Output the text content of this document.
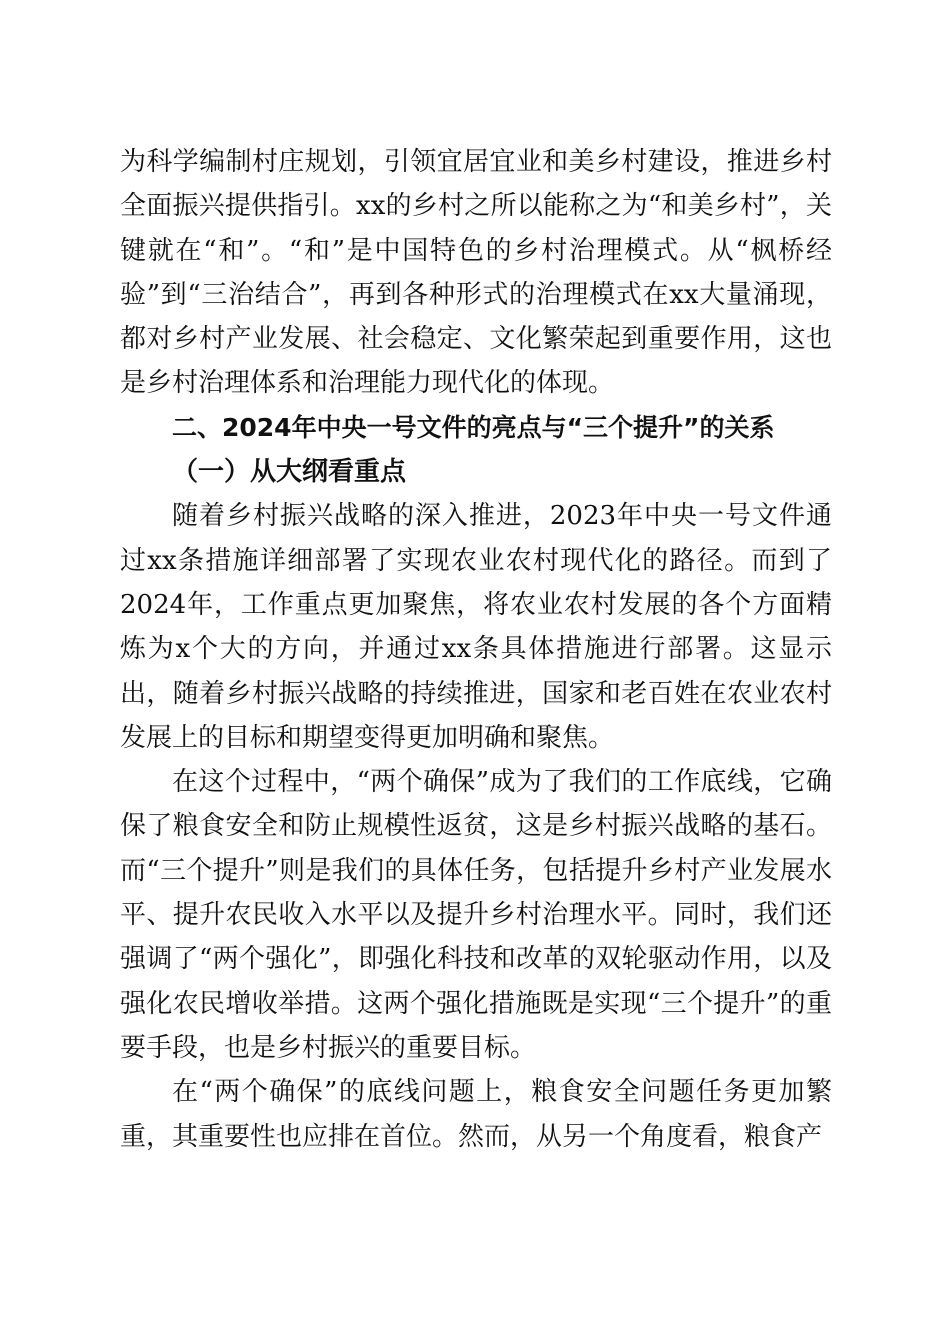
为科学编制村庄规划，引领宜居宜业和美乡村建设，推进乡村全面振兴提供指引。xx的乡村之所以能称之为“和美乡村”，关键就在“和”。“和”是中国特色的乡村治理模式。从“枫桥经验”到“三治结合”，再到各种形式的治理模式在xx大量涌现，都对乡村产业发展、社会稳定、文化繁荣起到重要作用，这也是乡村治理体系和治理能力现代化的体现。

二、2024年中央一号文件的亮点与“三个提升”的关系

（一）从大纲看重点

随着乡村振兴战略的深入推进，2023年中央一号文件通过xx条措施详细部署了实现农业农村现代化的路径。而到了2024年，工作重点更加聚焦，将农业农村发展的各个方面精炼为x个大的方向，并通过xx条具体措施进行部署。这显示出，随着乡村振兴战略的持续推进，国家和老百姓在农业农村发展上的目标和期望变得更加明确和聚焦。

在这个过程中，“两个确保”成为了我们的工作底线，它确保了粮食安全和防止规模性返贫，这是乡村振兴战略的基石。而“三个提升”则是我们的具体任务，包括提升乡村产业发展水平、提升农民收入水平以及提升乡村治理水平。同时，我们还强调了“两个强化”，即强化科技和改革的双轮驱动作用，以及强化农民增收举措。这两个强化措施既是实现“三个提升”的重要手段，也是乡村振兴的重要目标。

在“两个确保”的底线问题上，粮食安全问题任务更加繁重，其重要性也应排在首位。然而，从另一个角度看，粮食产
